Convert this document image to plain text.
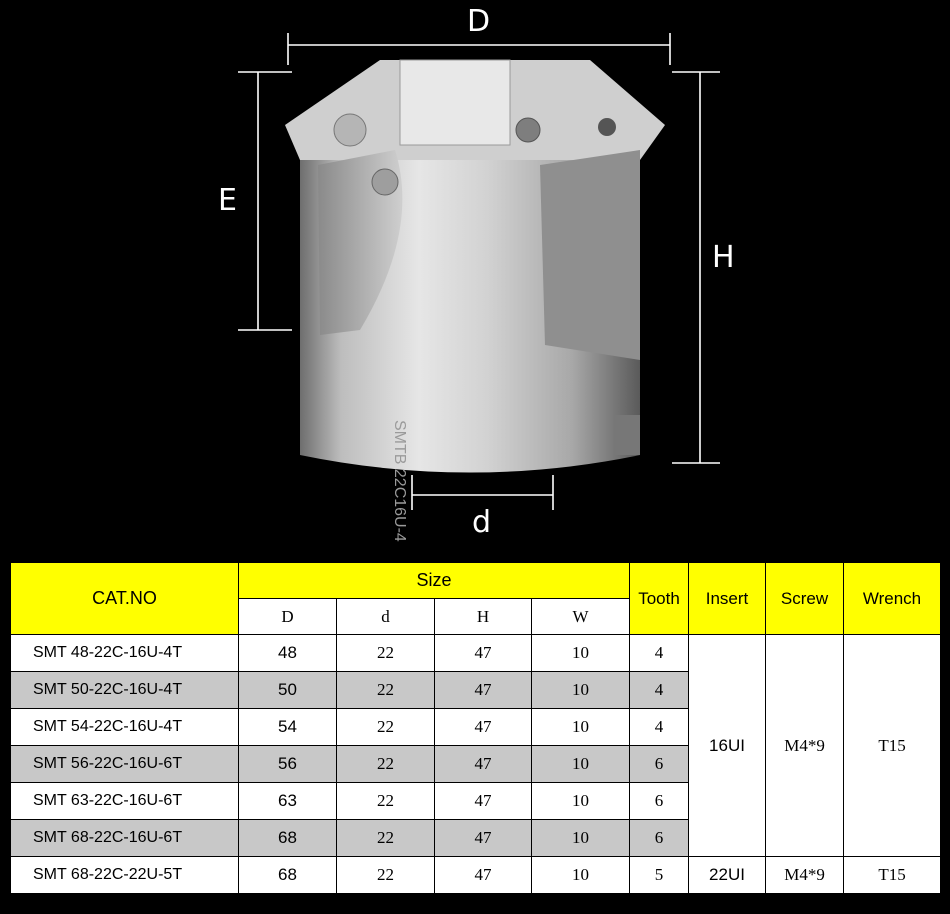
SMTB 22C16U-4
D
E
H
d
CAT.NO	Size				Tooth	Insert	Screw	Wrench
	D	d	H	W				
SMT 48-22C-16U-4T	48	22	47	10	4	16UI	M4*9	T15
SMT 50-22C-16U-4T	50	22	47	10	4			
SMT 54-22C-16U-4T	54	22	47	10	4			
SMT 56-22C-16U-6T	56	22	47	10	6			
SMT 63-22C-16U-6T	63	22	47	10	6			
SMT 68-22C-16U-6T	68	22	47	10	6			
SMT 68-22C-22U-5T	68	22	47	10	5	22UI	M4*9	T15
